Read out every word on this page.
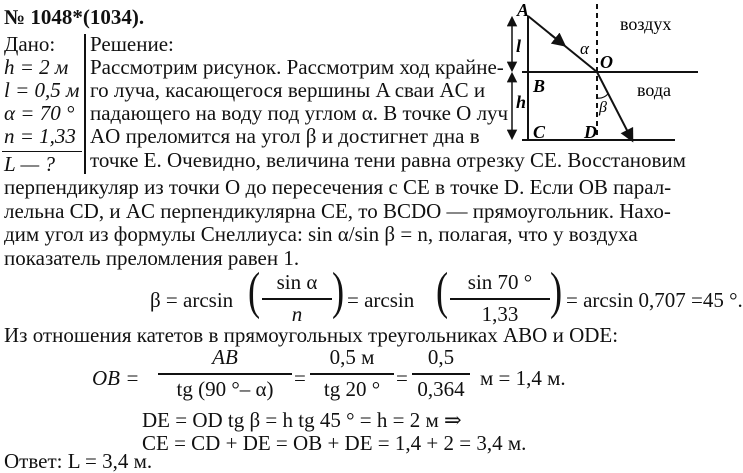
№ 1048*(1034).
Дано:
h = 2 м
l = 0,5 м
α = 70 °
n = 1,33
L — ?
Решение:
Рассмотрим рисунок. Рассмотрим ход крайне-
го луча, касающегося вершины A сваи AC и
падающего на воду под углом α. В точке O луч
AO преломится на угол β и достигнет дна в
точке E. Очевидно, величина тени равна отрезку CE. Восстановим
перпендикуляр из точки O до пересечения с CE в точке D. Если OB парал-
лельна CD, и AC перпендикулярна CE, то BCDO — прямоугольник. Нахо-
дим угол из формулы Снеллиуса: sin α/sin β = n, полагая, что у воздуха
показатель преломления равен 1.
A
B
C D
O
α
β
l
h
воздух
вода
β = arcsin ( sin α
n ) = arcsin ( sin 70 °
1,33 ) = arcsin 0,707 =45 °.
Из отношения катетов в прямоугольных треугольниках ABO и ODE:
OB =
AB
tg (90 °– α) =
0,5 м
tg 20 ° =
0,5
0,364 м = 1,4 м.
DE = OD tg β = h tg 45 ° = h = 2 м ⇒
CE = CD + DE = OB + DE = 1,4 + 2 = 3,4 м.
Ответ: L = 3,4 м.
